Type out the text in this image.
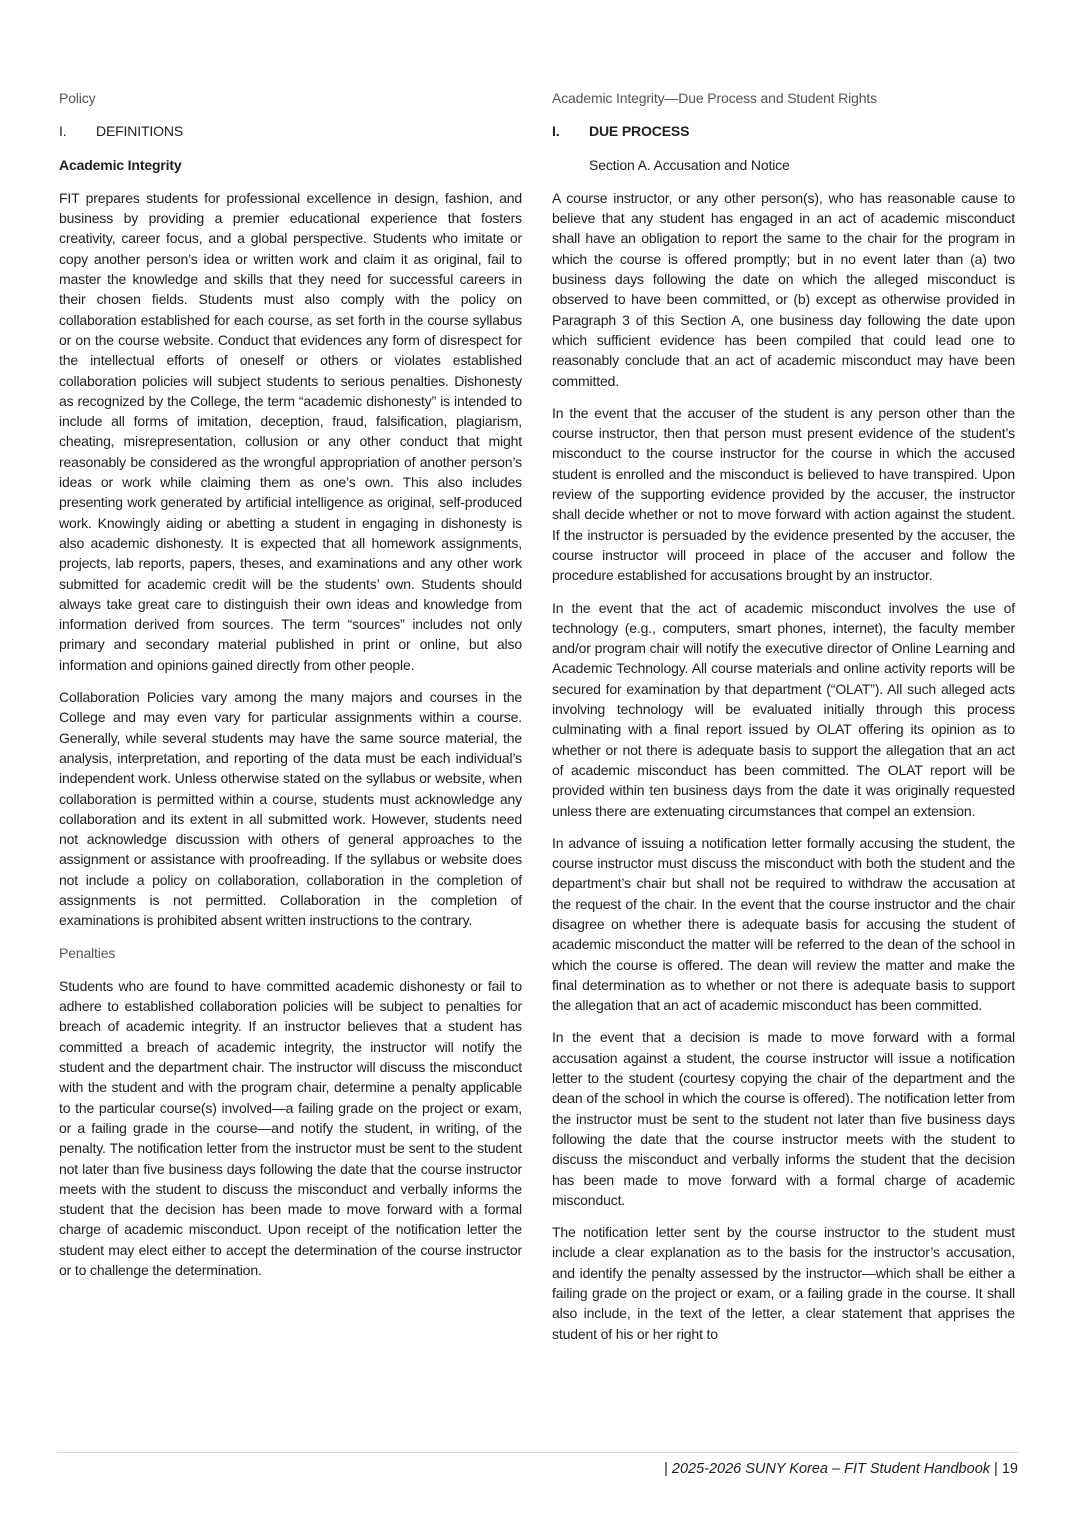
Policy
I.	DEFINITIONS
Academic Integrity

FIT prepares students for professional excellence in design, fashion, and business by providing a premier educational experience that fosters creativity, career focus, and a global perspective. Students who imitate or copy another person’s idea or written work and claim it as original, fail to master the knowledge and skills that they need for successful careers in their chosen fields. Students must also comply with the policy on collaboration established for each course, as set forth in the course syllabus or on the course website. Conduct that evidences any form of disrespect for the intellectual efforts of oneself or others or violates established collaboration policies will subject students to serious penalties. Dishonesty as recognized by the College, the term “academic dishonesty” is intended to include all forms of imitation, deception, fraud, falsification, plagiarism, cheating, misrepresentation, collusion or any other conduct that might reasonably be considered as the wrongful appropriation of another person’s ideas or work while claiming them as one’s own. This also includes presenting work generated by artificial intelligence as original, self-produced work. Knowingly aiding or abetting a student in engaging in dishonesty is also academic dishonesty. It is expected that all homework assignments, projects, lab reports, papers, theses, and examinations and any other work submitted for academic credit will be the students’ own. Students should always take great care to distinguish their own ideas and knowledge from information derived from sources. The term “sources” includes not only primary and secondary material published in print or online, but also information and opinions gained directly from other people.

Collaboration Policies vary among the many majors and courses in the College and may even vary for particular assignments within a course. Generally, while several students may have the same source material, the analysis, interpretation, and reporting of the data must be each individual’s independent work. Unless otherwise stated on the syllabus or website, when collaboration is permitted within a course, students must acknowledge any collaboration and its extent in all submitted work. However, students need not acknowledge discussion with others of general approaches to the assignment or assistance with proofreading. If the syllabus or website does not include a policy on collaboration, collaboration in the completion of assignments is not permitted. Collaboration in the completion of examinations is prohibited absent written instructions to the contrary.

Penalties

Students who are found to have committed academic dishonesty or fail to adhere to established collaboration policies will be subject to penalties for breach of academic integrity. If an instructor believes that a student has committed a breach of academic integrity, the instructor will notify the student and the department chair. The instructor will discuss the misconduct with the student and with the program chair, determine a penalty applicable to the particular course(s) involved—a failing grade on the project or exam, or a failing grade in the course—and notify the student, in writing, of the penalty. The notification letter from the instructor must be sent to the student not later than five business days following the date that the course instructor meets with the student to discuss the misconduct and verbally informs the student that the decision has been made to move forward with a formal charge of academic misconduct. Upon receipt of the notification letter the student may elect either to accept the determination of the course instructor or to challenge the determination.

Academic Integrity—Due Process and Student Rights
I.	DUE PROCESS
Section A. Accusation and Notice

A course instructor, or any other person(s), who has reasonable cause to believe that any student has engaged in an act of academic misconduct shall have an obligation to report the same to the chair for the program in which the course is offered promptly; but in no event later than (a) two business days following the date on which the alleged misconduct is observed to have been committed, or (b) except as otherwise provided in Paragraph 3 of this Section A, one business day following the date upon which sufficient evidence has been compiled that could lead one to reasonably conclude that an act of academic misconduct may have been committed.

In the event that the accuser of the student is any person other than the course instructor, then that person must present evidence of the student’s misconduct to the course instructor for the course in which the accused student is enrolled and the misconduct is believed to have transpired. Upon review of the supporting evidence provided by the accuser, the instructor shall decide whether or not to move forward with action against the student. If the instructor is persuaded by the evidence presented by the accuser, the course instructor will proceed in place of the accuser and follow the procedure established for accusations brought by an instructor.

In the event that the act of academic misconduct involves the use of technology (e.g., computers, smart phones, internet), the faculty member and/or program chair will notify the executive director of Online Learning and Academic Technology. All course materials and online activity reports will be secured for examination by that department (“OLAT”). All such alleged acts involving technology will be evaluated initially through this process culminating with a final report issued by OLAT offering its opinion as to whether or not there is adequate basis to support the allegation that an act of academic misconduct has been committed. The OLAT report will be provided within ten business days from the date it was originally requested unless there are extenuating circumstances that compel an extension.

In advance of issuing a notification letter formally accusing the student, the course instructor must discuss the misconduct with both the student and the department’s chair but shall not be required to withdraw the accusation at the request of the chair. In the event that the course instructor and the chair disagree on whether there is adequate basis for accusing the student of academic misconduct the matter will be referred to the dean of the school in which the course is offered. The dean will review the matter and make the final determination as to whether or not there is adequate basis to support the allegation that an act of academic misconduct has been committed.

In the event that a decision is made to move forward with a formal accusation against a student, the course instructor will issue a notification letter to the student (courtesy copying the chair of the department and the dean of the school in which the course is offered). The notification letter from the instructor must be sent to the student not later than five business days following the date that the course instructor meets with the student to discuss the misconduct and verbally informs the student that the decision has been made to move forward with a formal charge of academic misconduct.

The notification letter sent by the course instructor to the student must include a clear explanation as to the basis for the instructor’s accusation, and identify the penalty assessed by the instructor—which shall be either a failing grade on the project or exam, or a failing grade in the course. It shall also include, in the text of the letter, a clear statement that apprises the student of his or her right to

| 2025-2026 SUNY Korea – FIT Student Handbook | 19
